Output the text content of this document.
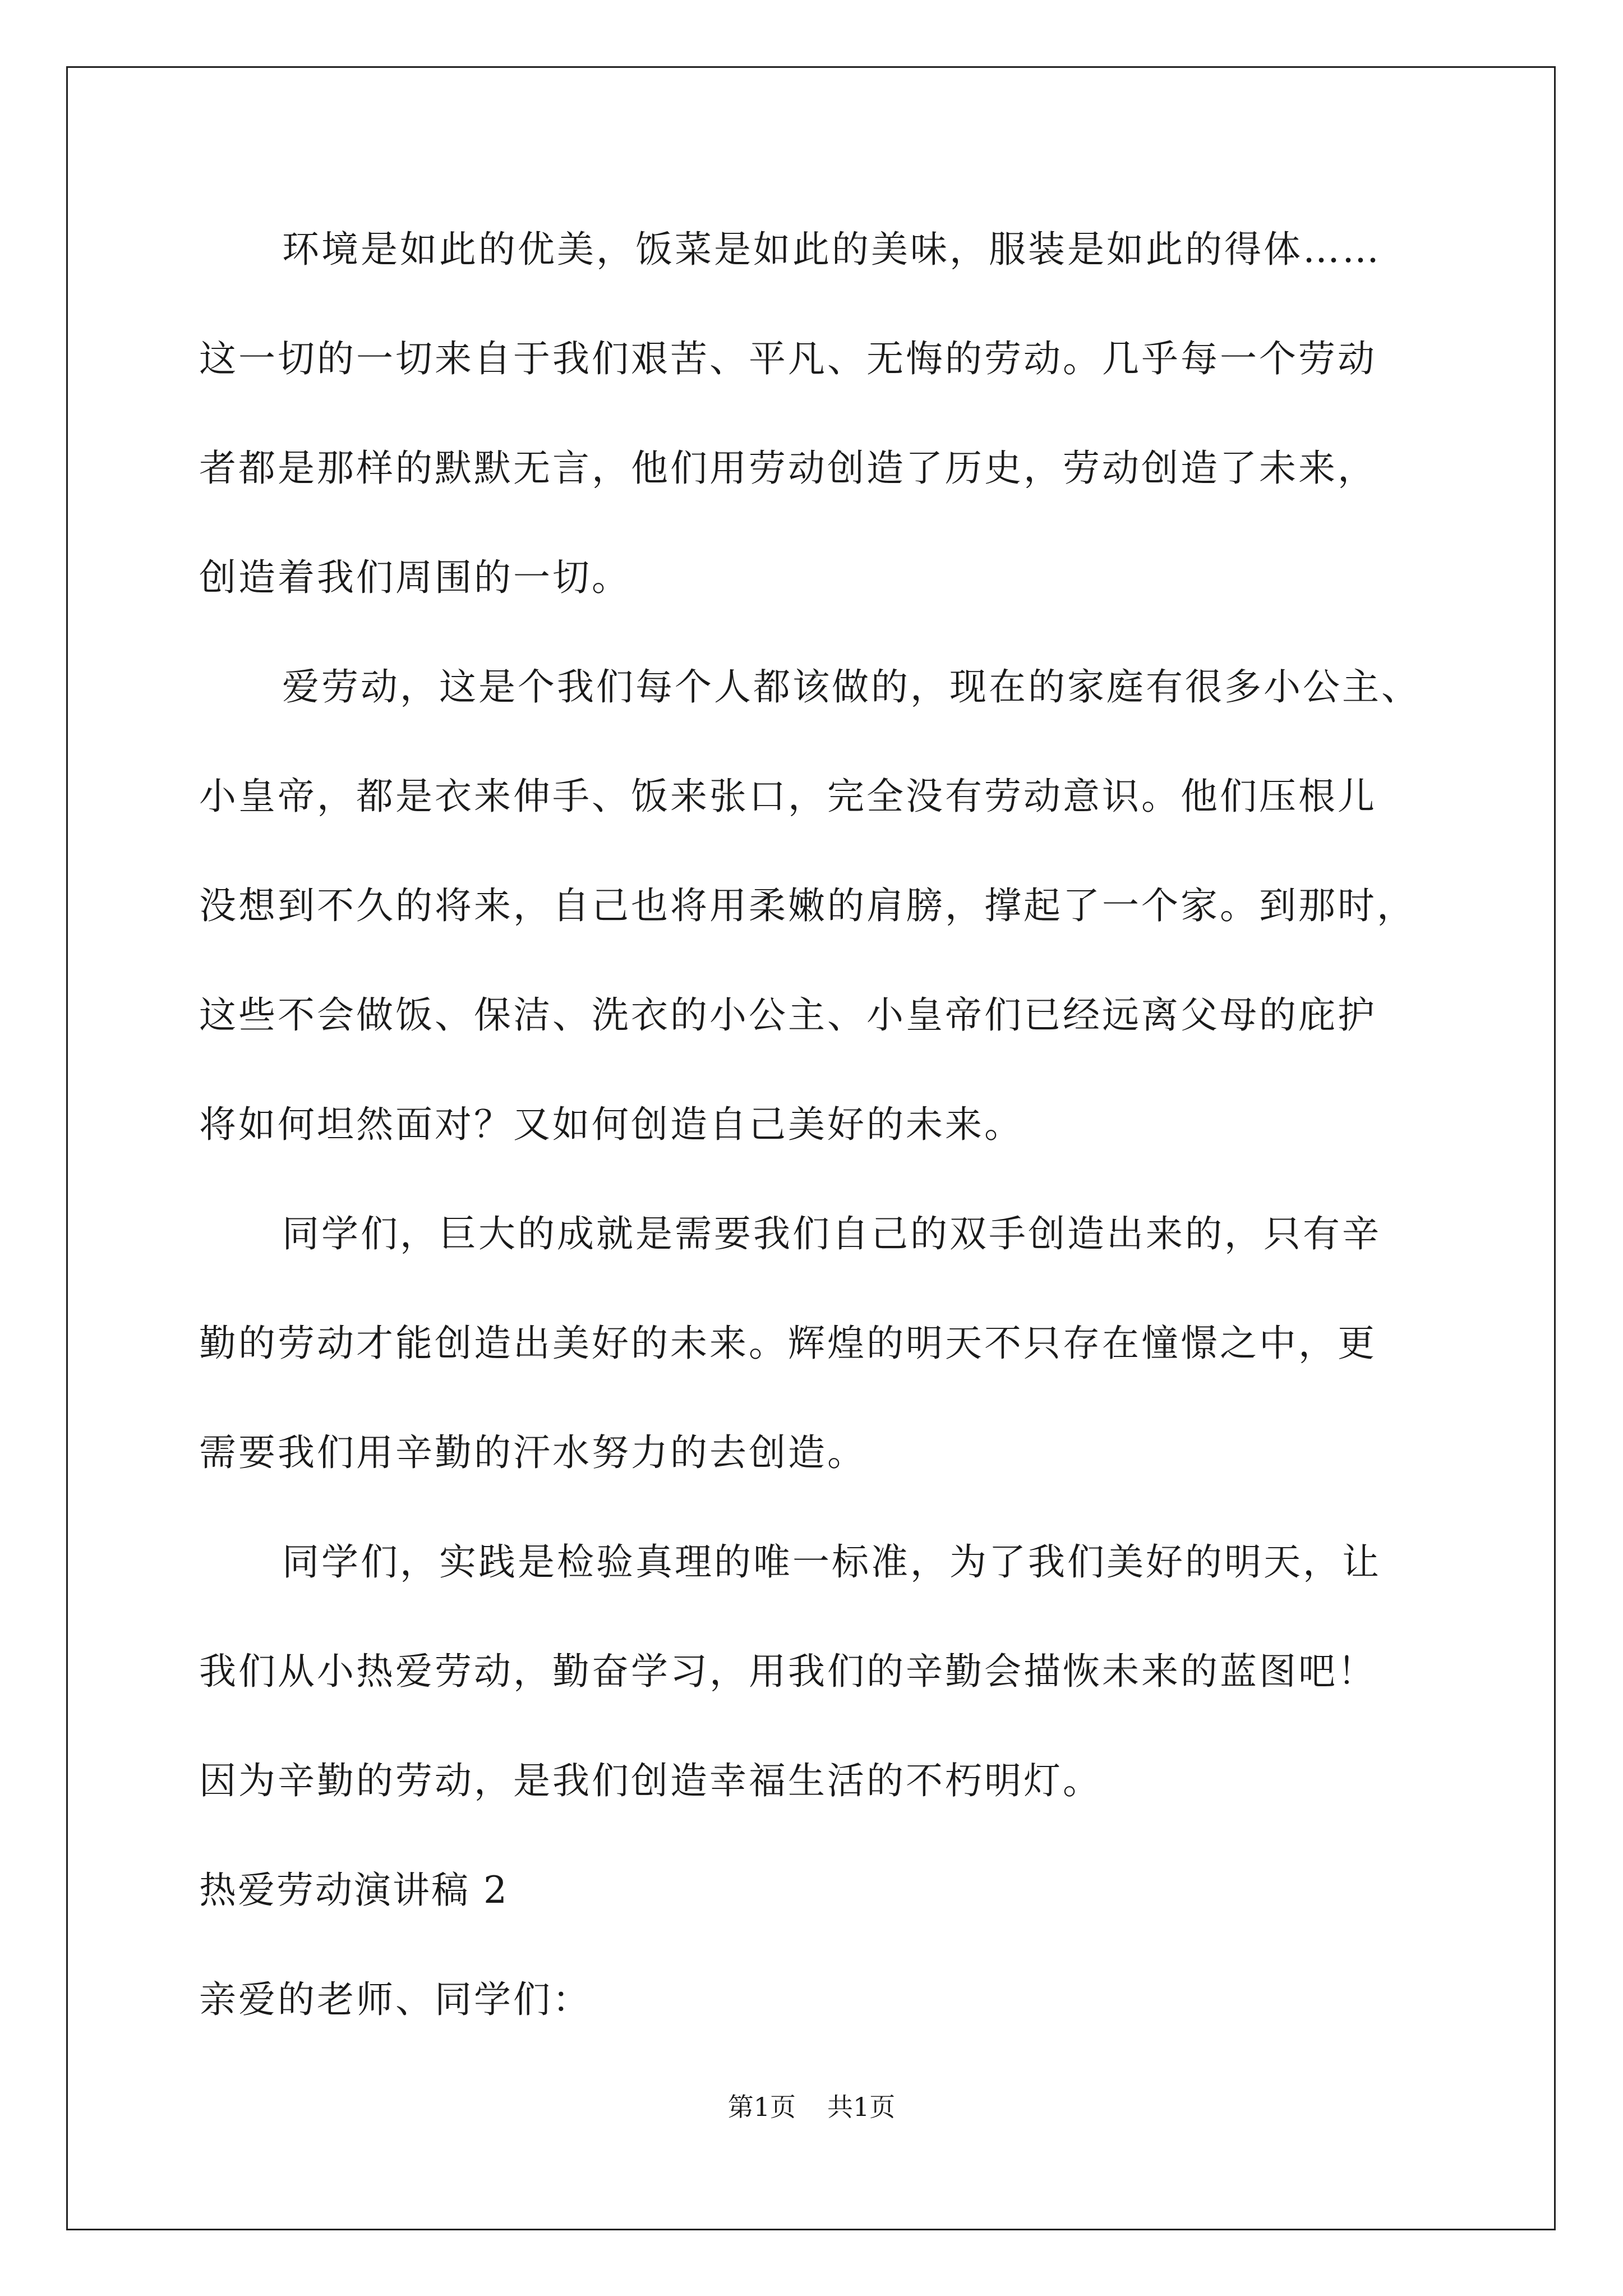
环境是如此的优美，饭菜是如此的美味，服装是如此的得体……
这一切的一切来自于我们艰苦、平凡、无悔的劳动。几乎每一个劳动
者都是那样的默默无言，他们用劳动创造了历史，劳动创造了未来，
创造着我们周围的一切。
爱劳动，这是个我们每个人都该做的，现在的家庭有很多小公主、
小皇帝，都是衣来伸手、饭来张口，完全没有劳动意识。他们压根儿
没想到不久的将来，自己也将用柔嫩的肩膀，撑起了一个家。到那时，
这些不会做饭、保洁、洗衣的小公主、小皇帝们已经远离父母的庇护
将如何坦然面对？又如何创造自己美好的未来。
同学们，巨大的成就是需要我们自己的双手创造出来的，只有辛
勤的劳动才能创造出美好的未来。辉煌的明天不只存在憧憬之中，更
需要我们用辛勤的汗水努力的去创造。
同学们，实践是检验真理的唯一标准，为了我们美好的明天，让
我们从小热爱劳动，勤奋学习，用我们的辛勤会描恢未来的蓝图吧！
因为辛勤的劳动，是我们创造幸福生活的不朽明灯。
热爱劳动演讲稿 2
亲爱的老师、同学们：
第1页 共1页
